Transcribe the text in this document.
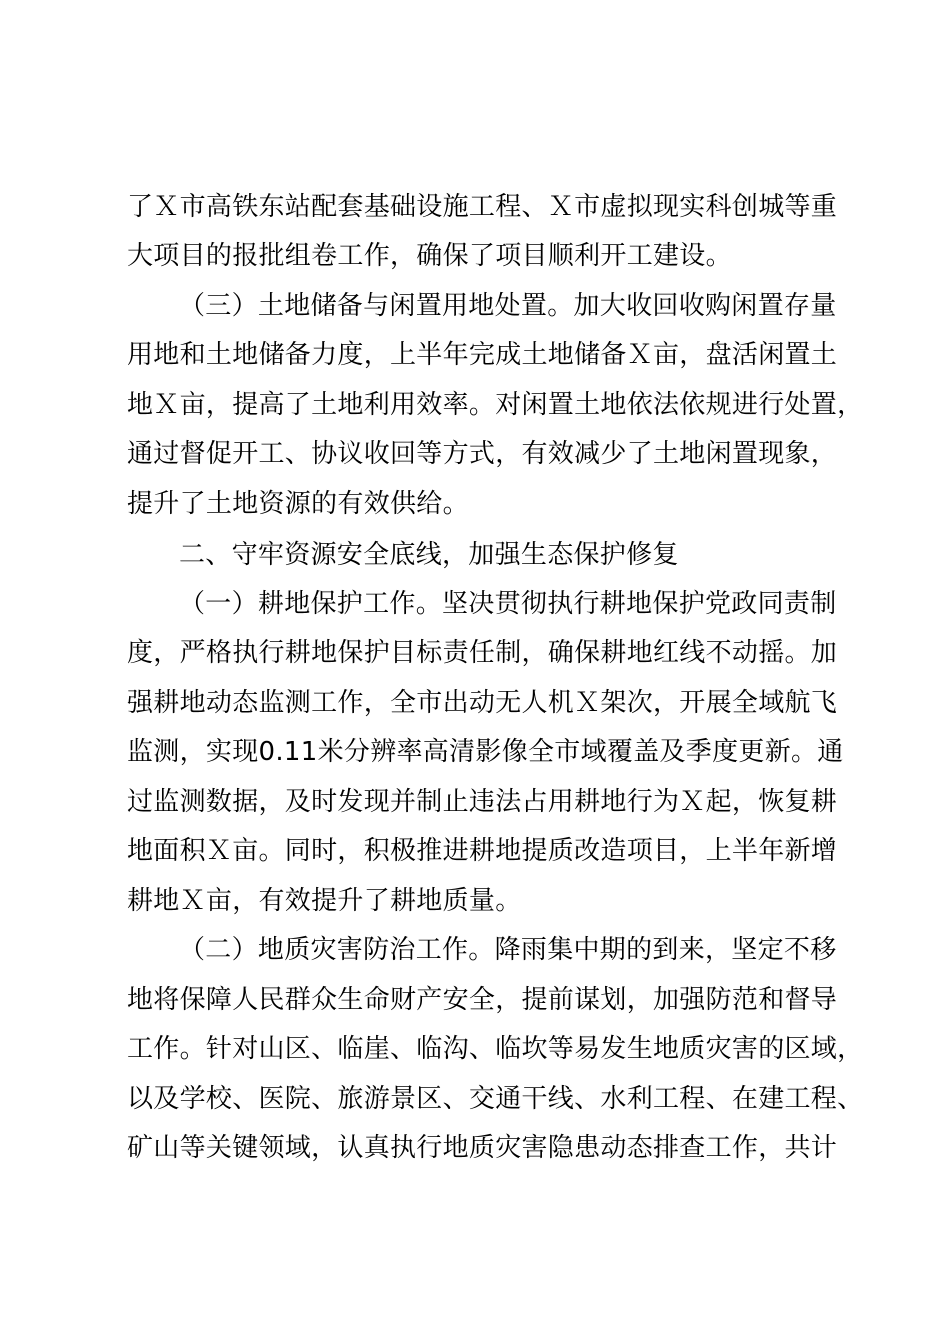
了Ｘ市高铁东站配套基础设施工程、Ｘ市虚拟现实科创城等重
大项目的报批组卷工作，确保了项目顺利开工建设。
（三）土地储备与闲置用地处置。加大收回收购闲置存量
用地和土地储备力度，上半年完成土地储备Ｘ亩，盘活闲置土
地Ｘ亩，提高了土地利用效率。对闲置土地依法依规进行处置，
通过督促开工、协议收回等方式，有效减少了土地闲置现象，
提升了土地资源的有效供给。
二、守牢资源安全底线，加强生态保护修复
（一）耕地保护工作。坚决贯彻执行耕地保护党政同责制
度，严格执行耕地保护目标责任制，确保耕地红线不动摇。加
强耕地动态监测工作，全市出动无人机Ｘ架次，开展全域航飞
监测，实现0.11米分辨率高清影像全市域覆盖及季度更新。通
过监测数据，及时发现并制止违法占用耕地行为Ｘ起，恢复耕
地面积Ｘ亩。同时，积极推进耕地提质改造项目，上半年新增
耕地Ｘ亩，有效提升了耕地质量。
（二）地质灾害防治工作。降雨集中期的到来，坚定不移
地将保障人民群众生命财产安全，提前谋划，加强防范和督导
工作。针对山区、临崖、临沟、临坎等易发生地质灾害的区域，
以及学校、医院、旅游景区、交通干线、水利工程、在建工程、
矿山等关键领域，认真执行地质灾害隐患动态排查工作，共计
